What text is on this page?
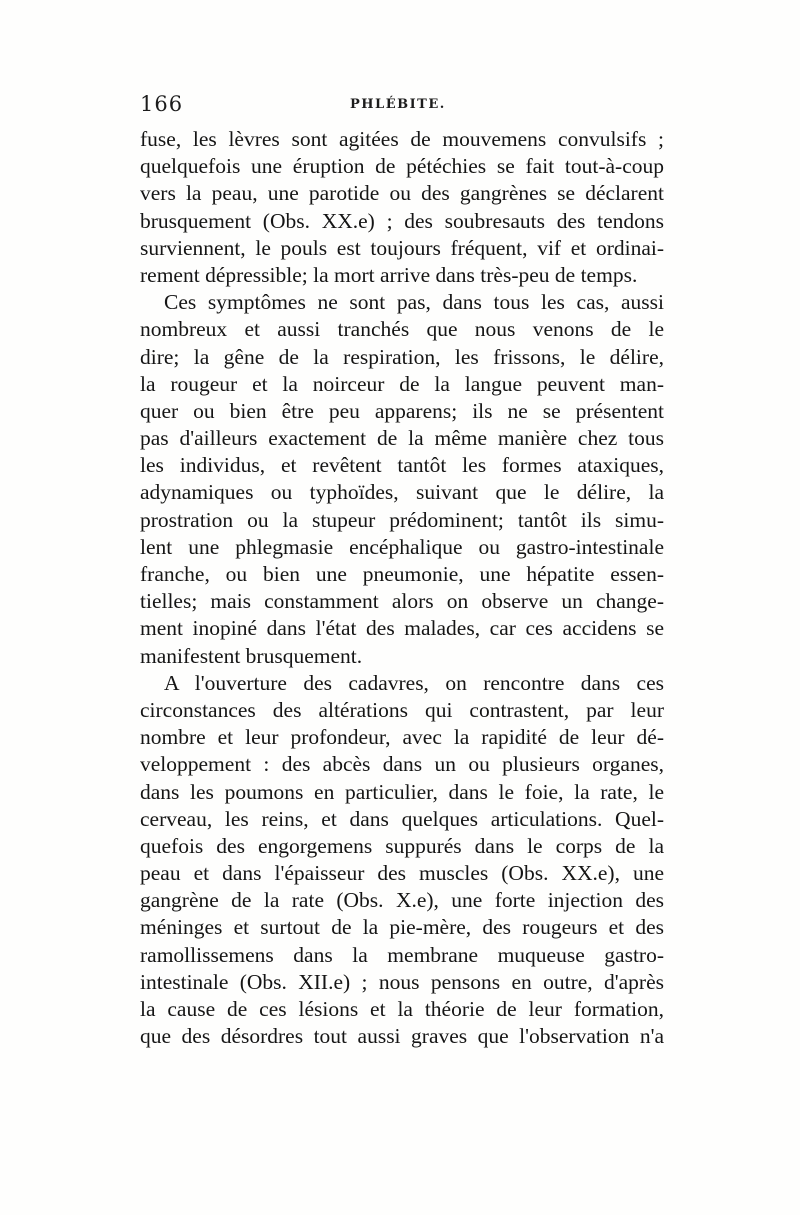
166	PHLÉBITE.
fuse, les lèvres sont agitées de mouvemens convulsifs ;
quelquefois une éruption de pétéchies se fait tout-à-coup
vers la peau, une parotide ou des gangrènes se déclarent
brusquement (Obs. XX.e) ; des soubresauts des tendons
surviennent, le pouls est toujours fréquent, vif et ordinai-
rement dépressible; la mort arrive dans très-peu de temps.
Ces symptômes ne sont pas, dans tous les cas, aussi
nombreux et aussi tranchés que nous venons de le
dire; la gêne de la respiration, les frissons, le délire,
la rougeur et la noirceur de la langue peuvent man-
quer ou bien être peu apparens; ils ne se présentent
pas d'ailleurs exactement de la même manière chez tous
les individus, et revêtent tantôt les formes ataxiques,
adynamiques ou typhoïdes, suivant que le délire, la
prostration ou la stupeur prédominent; tantôt ils simu-
lent une phlegmasie encéphalique ou gastro-intestinale
franche, ou bien une pneumonie, une hépatite essen-
tielles; mais constamment alors on observe un change-
ment inopiné dans l'état des malades, car ces accidens se
manifestent brusquement.
A l'ouverture des cadavres, on rencontre dans ces
circonstances des altérations qui contrastent, par leur
nombre et leur profondeur, avec la rapidité de leur dé-
veloppement : des abcès dans un ou plusieurs organes,
dans les poumons en particulier, dans le foie, la rate, le
cerveau, les reins, et dans quelques articulations. Quel-
quefois des engorgemens suppurés dans le corps de la
peau et dans l'épaisseur des muscles (Obs. XX.e), une
gangrène de la rate (Obs. X.e), une forte injection des
méninges et surtout de la pie-mère, des rougeurs et des
ramollissemens dans la membrane muqueuse gastro-
intestinale (Obs. XII.e) ; nous pensons en outre, d'après
la cause de ces lésions et la théorie de leur formation,
que des désordres tout aussi graves que l'observation n'a
